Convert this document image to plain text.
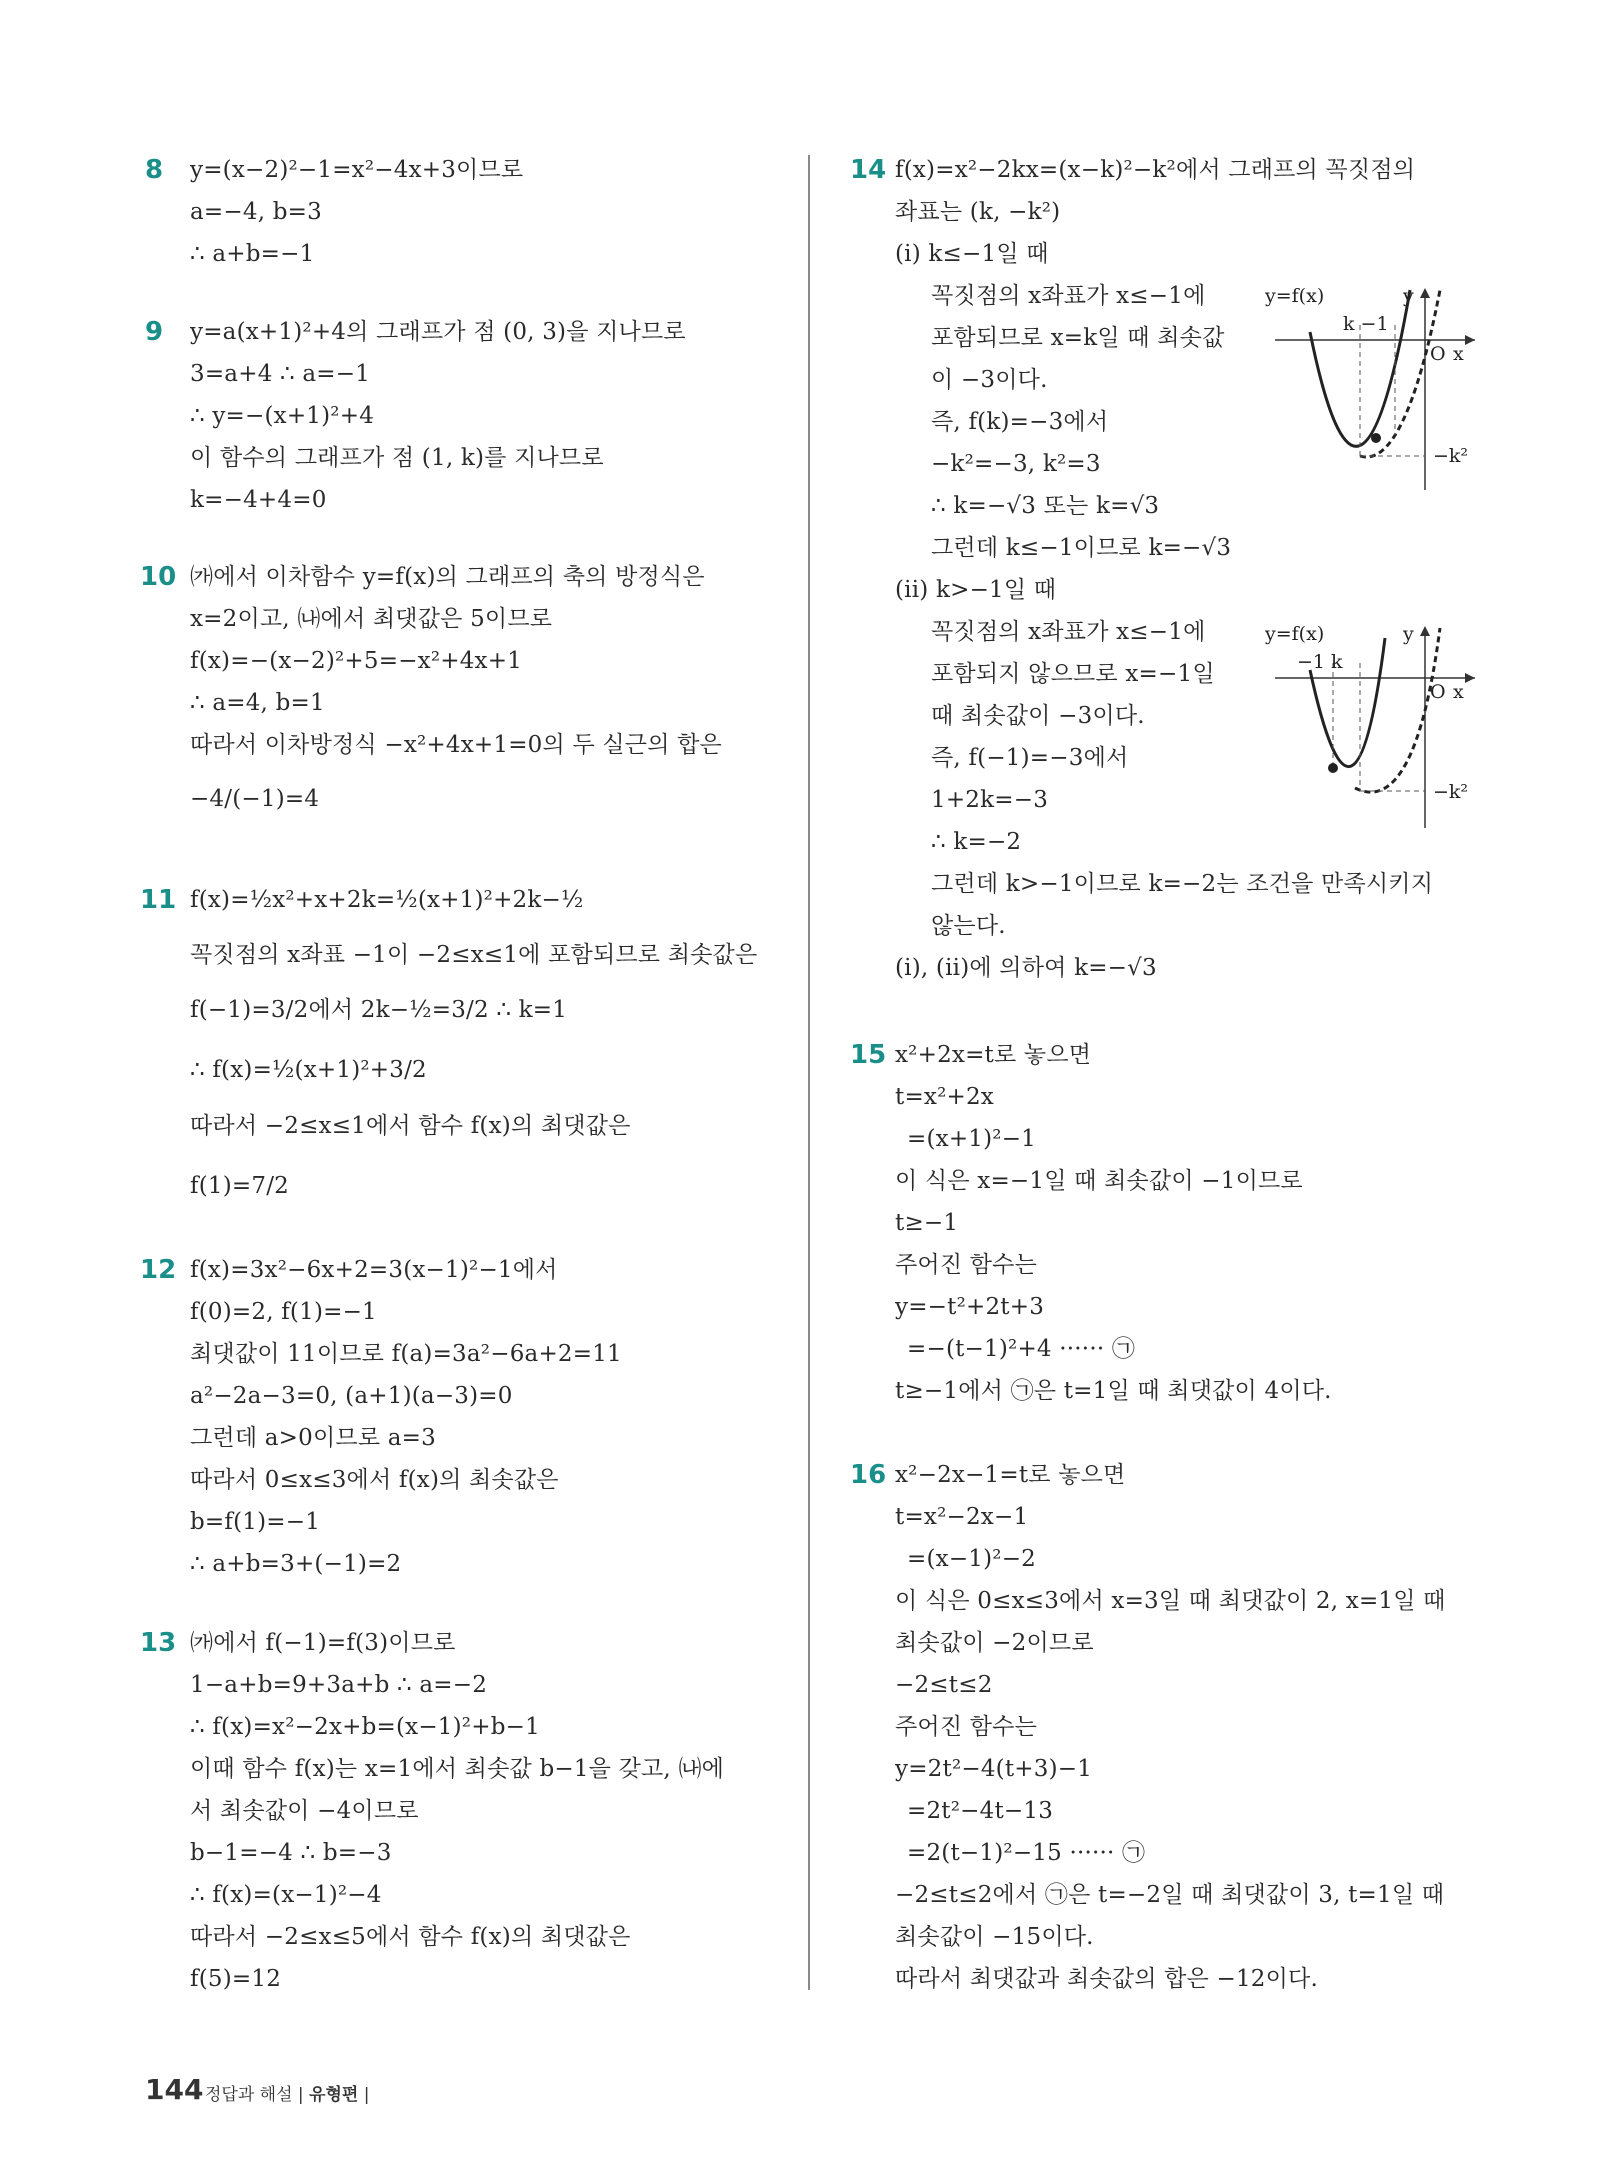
8 y=(x−2)²−1=x²−4x+3이므로
a=−4, b=3
∴ a+b=−1
9 y=a(x+1)²+4의 그래프가 점 (0, 3)을 지나므로
3=a+4 ∴ a=−1
∴ y=−(x+1)²+4
이 함수의 그래프가 점 (1, k)를 지나므로
k=−4+4=0
10 ㈎에서 이차함수 y=f(x)의 그래프의 축의 방정식은
x=2이고, ㈏에서 최댓값은 5이므로
f(x)=−(x−2)²+5=−x²+4x+1
∴ a=4, b=1
따라서 이차방정식 −x²+4x+1=0의 두 실근의 합은
−4/(−1)=4
11 f(x)=½x²+x+2k=½(x+1)²+2k−½
꼭짓점의 x좌표 −1이 −2≤x≤1에 포함되므로 최솟값은
f(−1)=3/2에서 2k−½=3/2 ∴ k=1
∴ f(x)=½(x+1)²+3/2
따라서 −2≤x≤1에서 함수 f(x)의 최댓값은
f(1)=7/2
12 f(x)=3x²−6x+2=3(x−1)²−1에서
f(0)=2, f(1)=−1
최댓값이 11이므로 f(a)=3a²−6a+2=11
a²−2a−3=0, (a+1)(a−3)=0
그런데 a>0이므로 a=3
따라서 0≤x≤3에서 f(x)의 최솟값은
b=f(1)=−1
∴ a+b=3+(−1)=2
13 ㈎에서 f(−1)=f(3)이므로
1−a+b=9+3a+b ∴ a=−2
∴ f(x)=x²−2x+b=(x−1)²+b−1
이때 함수 f(x)는 x=1에서 최솟값 b−1을 갖고, ㈏에
서 최솟값이 −4이므로
b−1=−4 ∴ b=−3
∴ f(x)=(x−1)²−4
따라서 −2≤x≤5에서 함수 f(x)의 최댓값은
f(5)=12
14 f(x)=x²−2kx=(x−k)²−k²에서 그래프의 꼭짓점의
좌표는 (k, −k²)
(i) k≤−1일 때
꼭짓점의 x좌표가 x≤−1에
포함되므로 x=k일 때 최솟값
이 −3이다.
즉, f(k)=−3에서
−k²=−3, k²=3
∴ k=−√3 또는 k=√3
그런데 k≤−1이므로 k=−√3
(ii) k>−1일 때
꼭짓점의 x좌표가 x≤−1에
포함되지 않으므로 x=−1일
때 최솟값이 −3이다.
즉, f(−1)=−3에서
1+2k=−3
∴ k=−2
그런데 k>−1이므로 k=−2는 조건을 만족시키지
않는다.
(i), (ii)에 의하여 k=−√3
15 x²+2x=t로 놓으면
t=x²+2x
=(x+1)²−1
이 식은 x=−1일 때 최솟값이 −1이므로
t≥−1
주어진 함수는
y=−t²+2t+3
=−(t−1)²+4 ······ ㉠
t≥−1에서 ㉠은 t=1일 때 최댓값이 4이다.
16 x²−2x−1=t로 놓으면
t=x²−2x−1
=(x−1)²−2
이 식은 0≤x≤3에서 x=3일 때 최댓값이 2, x=1일 때
최솟값이 −2이므로
−2≤t≤2
주어진 함수는
y=2t²−4(t+3)−1
=2t²−4t−13
=2(t−1)²−15 ······ ㉠
−2≤t≤2에서 ㉠은 t=−2일 때 최댓값이 3, t=1일 때
최솟값이 −15이다.
따라서 최댓값과 최솟값의 합은 −12이다.
y=f(x)	y
x
O
k −1
−k²
y=f(x)	y
x
O
−1 k
−k²
144 정답과 해설 | 유형편 |
